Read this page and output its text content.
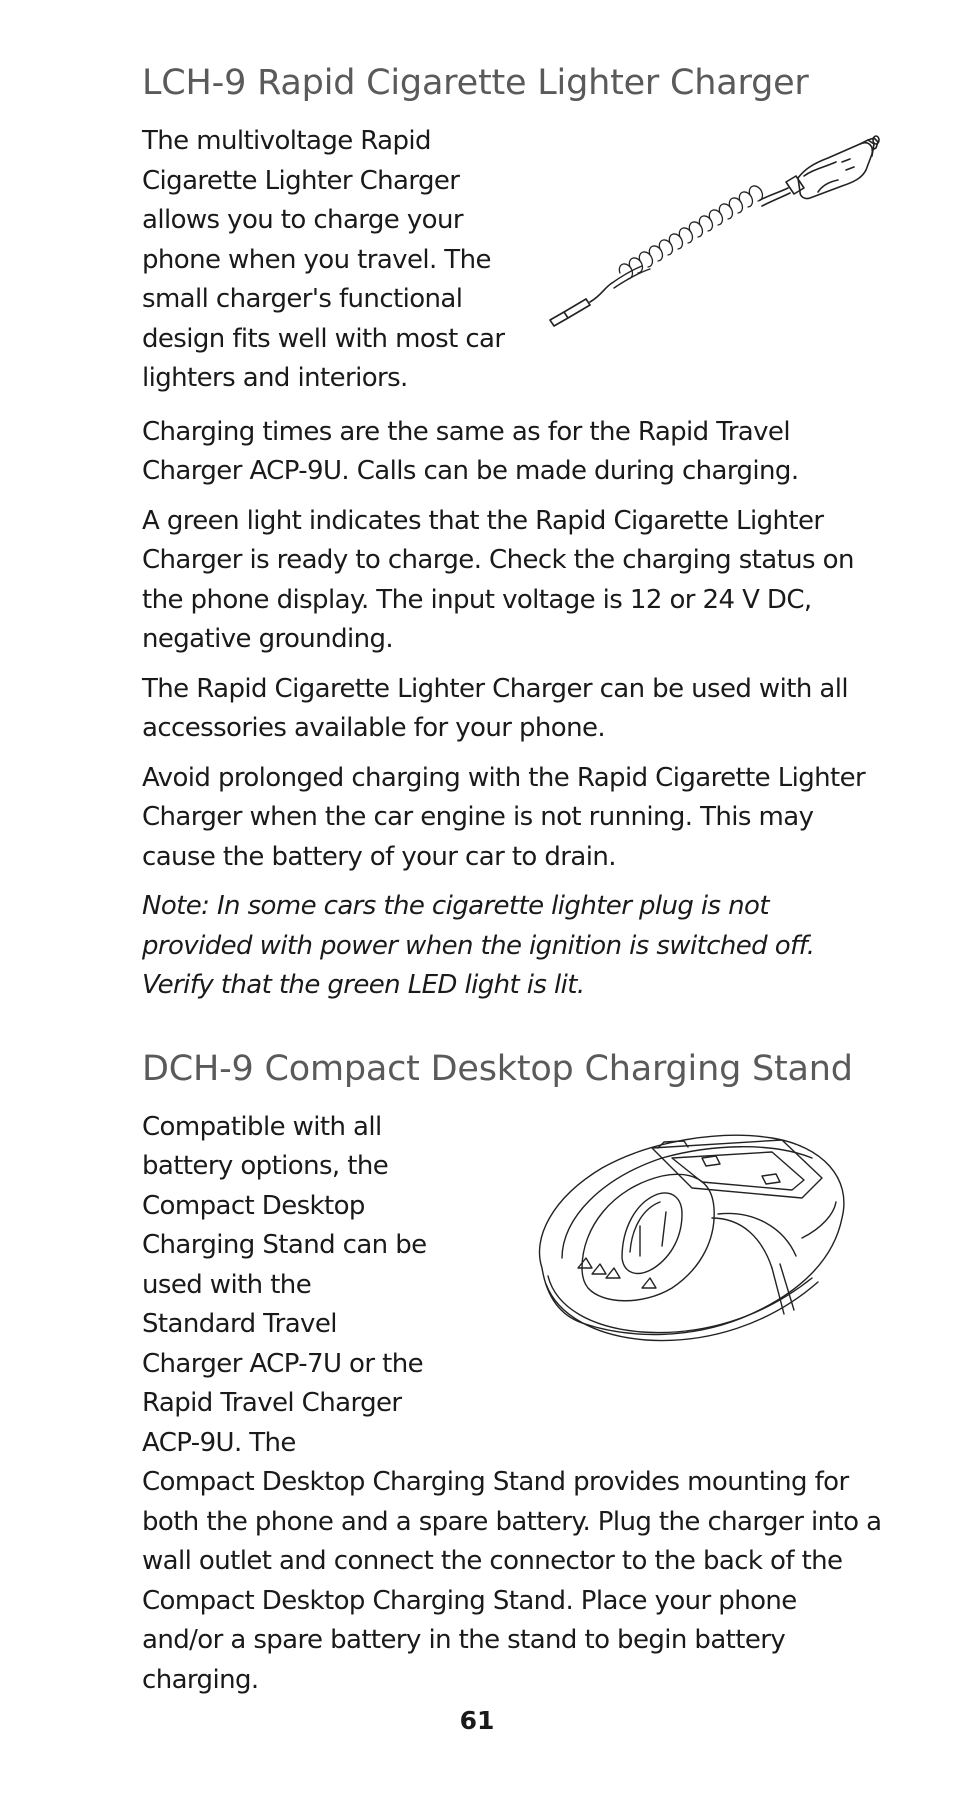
LCH-9 Rapid Cigarette Lighter Charger

The multivoltage Rapid Cigarette Lighter Charger allows you to charge your phone when you travel. The small charger's functional design fits well with most car lighters and interiors.

Charging times are the same as for the Rapid Travel Charger ACP-9U. Calls can be made during charging.

A green light indicates that the Rapid Cigarette Lighter Charger is ready to charge. Check the charging status on the phone display. The input voltage is 12 or 24 V DC, negative grounding.

The Rapid Cigarette Lighter Charger can be used with all accessories available for your phone.

Avoid prolonged charging with the Rapid Cigarette Lighter Charger when the car engine is not running. This may cause the battery of your car to drain.

Note: In some cars the cigarette lighter plug is not provided with power when the ignition is switched off. Verify that the green LED light is lit.

DCH-9 Compact Desktop Charging Stand

Compatible with all battery options, the Compact Desktop Charging Stand can be used with the Standard Travel Charger ACP-7U or the Rapid Travel Charger ACP-9U. The

Compact Desktop Charging Stand provides mounting for both the phone and a spare battery. Plug the charger into a wall outlet and connect the connector to the back of the Compact Desktop Charging Stand. Place your phone and/or a spare battery in the stand to begin battery charging.

61
